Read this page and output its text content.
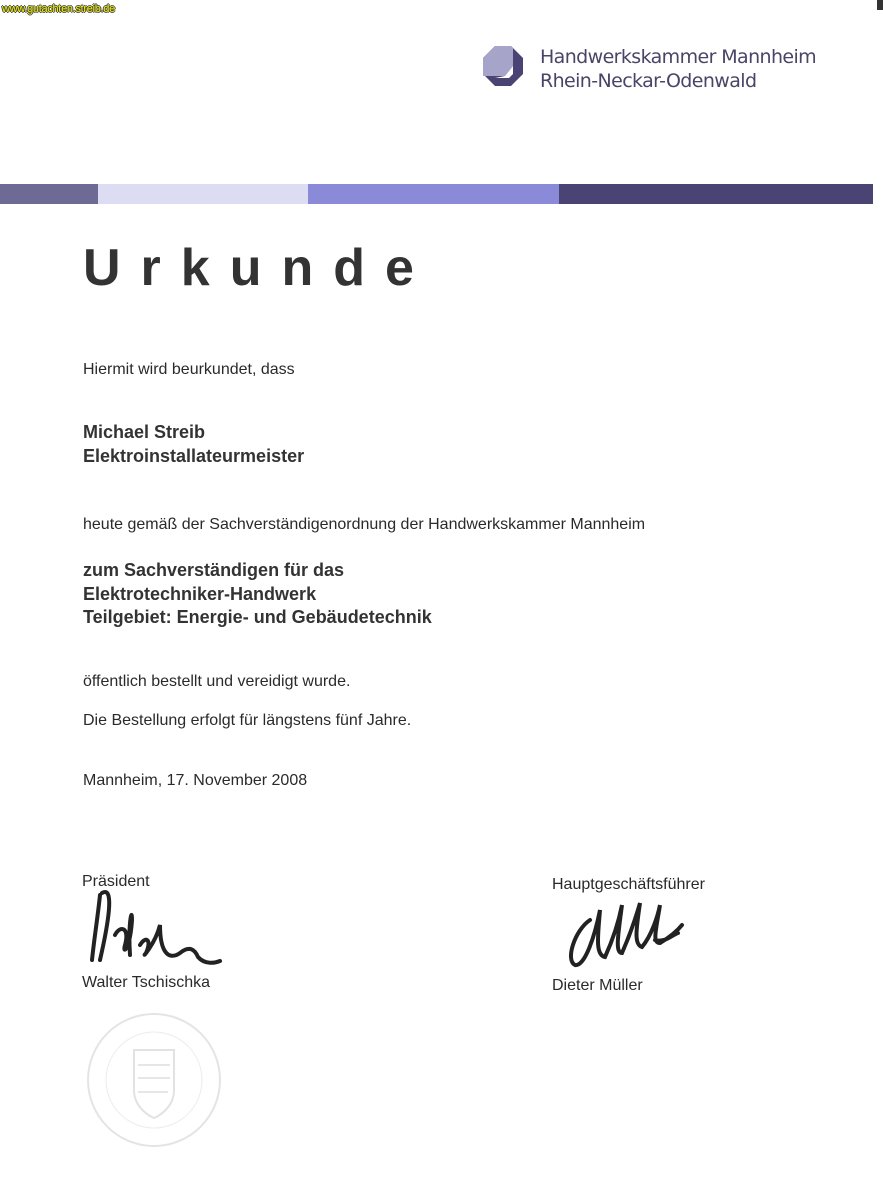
www.gutachten.streib.de
Handwerkskammer Mannheim
Rhein-Neckar-Odenwald
Urkunde
Hiermit wird beurkundet, dass
Michael Streib
Elektroinstallateurmeister
heute gemäß der Sachverständigenordnung der Handwerkskammer Mannheim
zum Sachverständigen für das
Elektrotechniker-Handwerk
Teilgebiet: Energie- und Gebäudetechnik
öffentlich bestellt und vereidigt wurde.
Die Bestellung erfolgt für längstens fünf Jahre.
Mannheim, 17. November 2008
Präsident
Walter Tschischka
Hauptgeschäftsführer
Dieter Müller
